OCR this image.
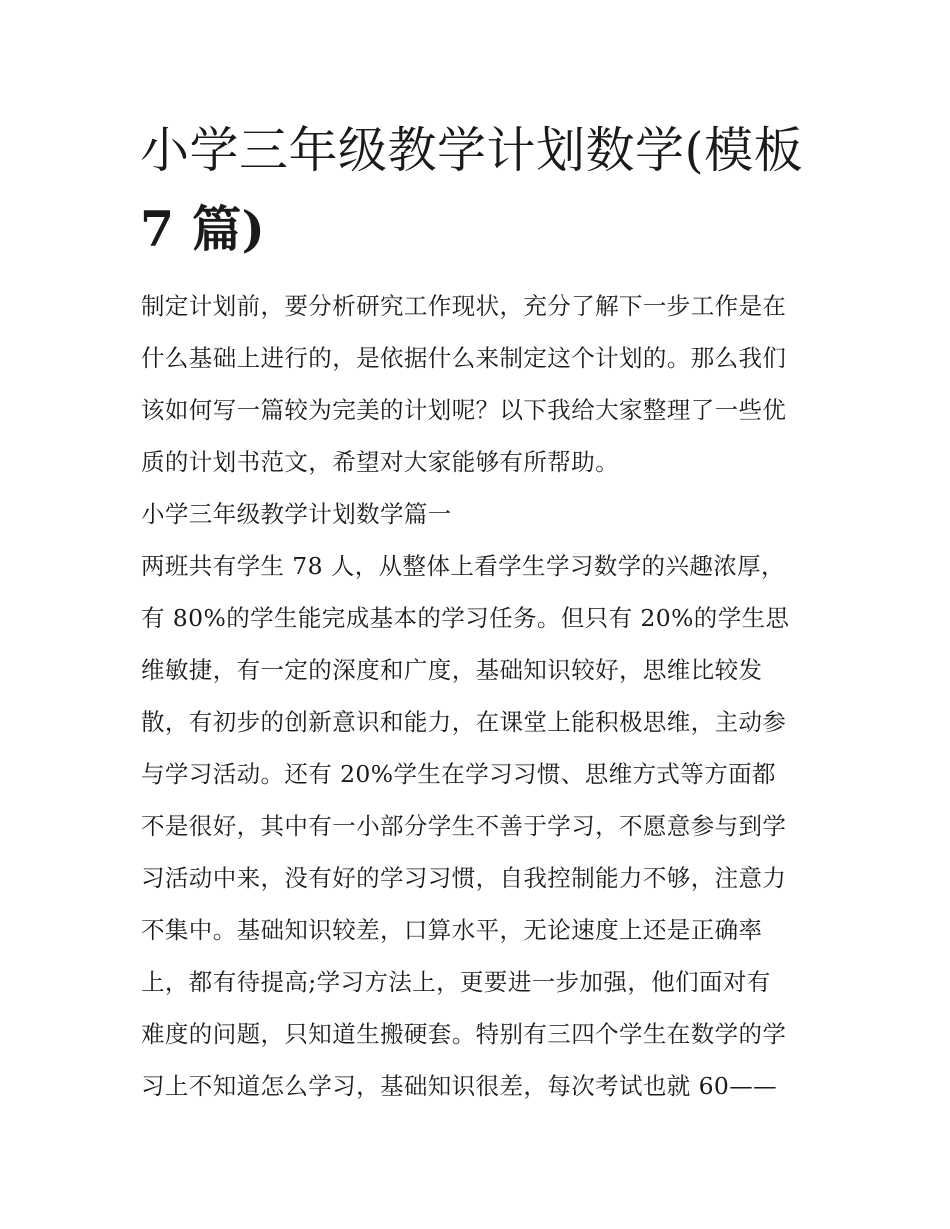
小学三年级教学计划数学(模板
7 篇)
制定计划前，要分析研究工作现状，充分了解下一步工作是在
什么基础上进行的，是依据什么来制定这个计划的。那么我们
该如何写一篇较为完美的计划呢？以下我给大家整理了一些优
质的计划书范文，希望对大家能够有所帮助。
小学三年级教学计划数学篇一
两班共有学生 78 人，从整体上看学生学习数学的兴趣浓厚，
有 80%的学生能完成基本的学习任务。但只有 20%的学生思
维敏捷，有一定的深度和广度，基础知识较好，思维比较发
散，有初步的创新意识和能力，在课堂上能积极思维，主动参
与学习活动。还有 20%学生在学习习惯、思维方式等方面都
不是很好，其中有一小部分学生不善于学习，不愿意参与到学
习活动中来，没有好的学习习惯，自我控制能力不够，注意力
不集中。基础知识较差，口算水平，无论速度上还是正确率
上，都有待提高;学习方法上，更要进一步加强，他们面对有
难度的问题，只知道生搬硬套。特别有三四个学生在数学的学
习上不知道怎么学习，基础知识很差，每次考试也就 60——
